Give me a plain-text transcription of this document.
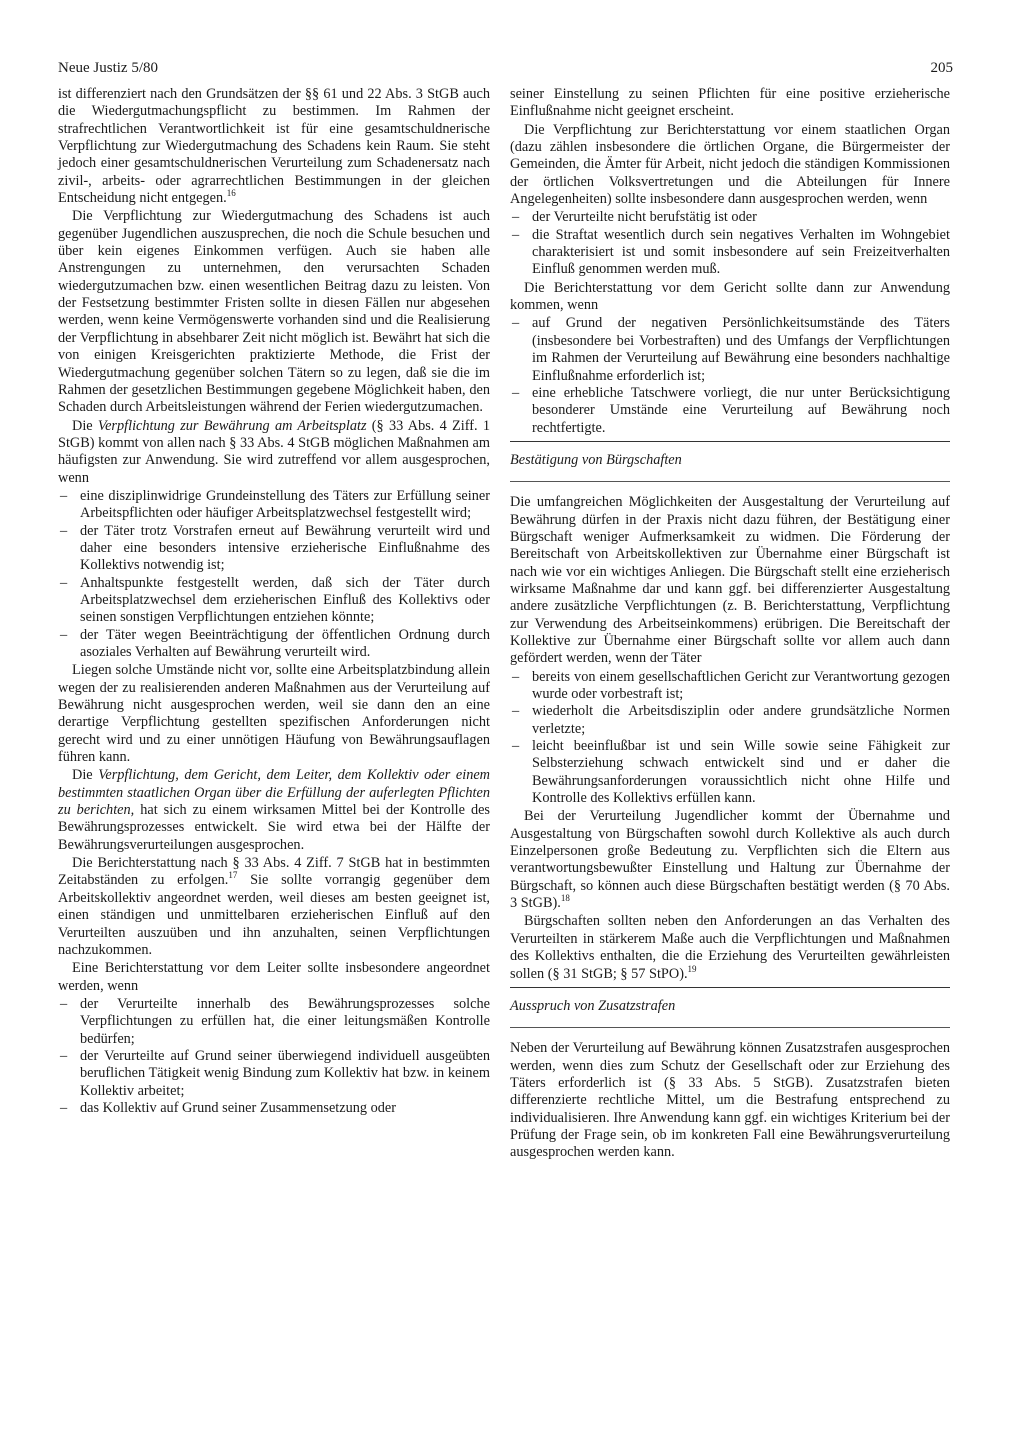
Neue Justiz 5/80	205

ist differenziert nach den Grundsätzen der §§ 61 und 22 Abs. 3 StGB auch die Wiedergutmachungspflicht zu bestimmen. Im Rahmen der strafrechtlichen Verantwortlichkeit ist für eine gesamtschuldnerische Verpflichtung zur Wiedergutmachung des Schadens kein Raum. Sie steht jedoch einer gesamtschuldnerischen Verurteilung zum Schadenersatz nach zivil-, arbeits- oder agrarrechtlichen Bestimmungen in der gleichen Entscheidung nicht entgegen.$^{16}$

Die Verpflichtung zur Wiedergutmachung des Schadens ist auch gegenüber Jugendlichen auszusprechen, die noch die Schule besuchen und über kein eigenes Einkommen verfügen. Auch sie haben alle Anstrengungen zu unternehmen, den verursachten Schaden wiedergutzumachen bzw. einen wesentlichen Beitrag dazu zu leisten. Von der Festsetzung bestimmter Fristen sollte in diesen Fällen nur abgesehen werden, wenn keine Vermögenswerte vorhanden sind und die Realisierung der Verpflichtung in absehbarer Zeit nicht möglich ist. Bewährt hat sich die von einigen Kreisgerichten praktizierte Methode, die Frist der Wiedergutmachung gegenüber solchen Tätern so zu legen, daß sie die im Rahmen der gesetzlichen Bestimmungen gegebene Möglichkeit haben, den Schaden durch Arbeitsleistungen während der Ferien wiedergutzumachen.

Die Verpflichtung zur Bewährung am Arbeitsplatz (§ 33 Abs. 4 Ziff. 1 StGB) kommt von allen nach § 33 Abs. 4 StGB möglichen Maßnahmen am häufigsten zur Anwendung. Sie wird zutreffend vor allem ausgesprochen, wenn

– eine disziplinwidrige Grundeinstellung des Täters zur Erfüllung seiner Arbeitspflichten oder häufiger Arbeitsplatzwechsel festgestellt wird;
– der Täter trotz Vorstrafen erneut auf Bewährung verurteilt wird und daher eine besonders intensive erzieherische Einflußnahme des Kollektivs notwendig ist;
– Anhaltspunkte festgestellt werden, daß sich der Täter durch Arbeitsplatzwechsel dem erzieherischen Einfluß des Kollektivs oder seinen sonstigen Verpflichtungen entziehen könnte;
– der Täter wegen Beeinträchtigung der öffentlichen Ordnung durch asoziales Verhalten auf Bewährung verurteilt wird.

Liegen solche Umstände nicht vor, sollte eine Arbeitsplatzbindung allein wegen der zu realisierenden anderen Maßnahmen aus der Verurteilung auf Bewährung nicht ausgesprochen werden, weil sie dann den an eine derartige Verpflichtung gestellten spezifischen Anforderungen nicht gerecht wird und zu einer unnötigen Häufung von Bewährungsauflagen führen kann.

Die Verpflichtung, dem Gericht, dem Leiter, dem Kollektiv oder einem bestimmten staatlichen Organ über die Erfüllung der auferlegten Pflichten zu berichten, hat sich zu einem wirksamen Mittel bei der Kontrolle des Bewährungsprozesses entwickelt. Sie wird etwa bei der Hälfte der Bewährungsverurteilungen ausgesprochen.

Die Berichterstattung nach § 33 Abs. 4 Ziff. 7 StGB hat in bestimmten Zeitabständen zu erfolgen.$^{17}$ Sie sollte vorrangig gegenüber dem Arbeitskollektiv angeordnet werden, weil dieses am besten geeignet ist, einen ständigen und unmittelbaren erzieherischen Einfluß auf den Verurteilten auszuüben und ihn anzuhalten, seinen Verpflichtungen nachzukommen.

Eine Berichterstattung vor dem Leiter sollte insbesondere angeordnet werden, wenn

– der Verurteilte innerhalb des Bewährungsprozesses solche Verpflichtungen zu erfüllen hat, die einer leitungsmäßen Kontrolle bedürfen;
– der Verurteilte auf Grund seiner überwiegend individuell ausgeübten beruflichen Tätigkeit wenig Bindung zum Kollektiv hat bzw. in keinem Kollektiv arbeitet;
– das Kollektiv auf Grund seiner Zusammensetzung oder

seiner Einstellung zu seinen Pflichten für eine positive erzieherische Einflußnahme nicht geeignet erscheint.

Die Verpflichtung zur Berichterstattung vor einem staatlichen Organ (dazu zählen insbesondere die örtlichen Organe, die Bürgermeister der Gemeinden, die Ämter für Arbeit, nicht jedoch die ständigen Kommissionen der örtlichen Volksvertretungen und die Abteilungen für Innere Angelegenheiten) sollte insbesondere dann ausgesprochen werden, wenn

– der Verurteilte nicht berufstätig ist oder
– die Straftat wesentlich durch sein negatives Verhalten im Wohngebiet charakterisiert ist und somit insbesondere auf sein Freizeitverhalten Einfluß genommen werden muß.

Die Berichterstattung vor dem Gericht sollte dann zur Anwendung kommen, wenn

– auf Grund der negativen Persönlichkeitsumstände des Täters (insbesondere bei Vorbestraften) und des Umfangs der Verpflichtungen im Rahmen der Verurteilung auf Bewährung eine besonders nachhaltige Einflußnahme erforderlich ist;
– eine erhebliche Tatschwere vorliegt, die nur unter Berücksichtigung besonderer Umstände eine Verurteilung auf Bewährung noch rechtfertigte.
Bestätigung von Bürgschaften

Die umfangreichen Möglichkeiten der Ausgestaltung der Verurteilung auf Bewährung dürfen in der Praxis nicht dazu führen, der Bestätigung einer Bürgschaft weniger Aufmerksamkeit zu widmen. Die Förderung der Bereitschaft von Arbeitskollektiven zur Übernahme einer Bürgschaft ist nach wie vor ein wichtiges Anliegen. Die Bürgschaft stellt eine erzieherisch wirksame Maßnahme dar und kann ggf. bei differenzierter Ausgestaltung andere zusätzliche Verpflichtungen (z. B. Berichterstattung, Verpflichtung zur Verwendung des Arbeitseinkommens) erübrigen. Die Bereitschaft der Kollektive zur Übernahme einer Bürgschaft sollte vor allem auch dann gefördert werden, wenn der Täter

– bereits von einem gesellschaftlichen Gericht zur Verantwortung gezogen wurde oder vorbestraft ist;
– wiederholt die Arbeitsdisziplin oder andere grundsätzliche Normen verletzte;
– leicht beeinflußbar ist und sein Wille sowie seine Fähigkeit zur Selbsterziehung schwach entwickelt sind und er daher die Bewährungsanforderungen voraussichtlich nicht ohne Hilfe und Kontrolle des Kollektivs erfüllen kann.

Bei der Verurteilung Jugendlicher kommt der Übernahme und Ausgestaltung von Bürgschaften sowohl durch Kollektive als auch durch Einzelpersonen große Bedeutung zu. Verpflichten sich die Eltern aus verantwortungsbewußter Einstellung und Haltung zur Übernahme der Bürgschaft, so können auch diese Bürgschaften bestätigt werden (§ 70 Abs. 3 StGB).$^{18}$

Bürgschaften sollten neben den Anforderungen an das Verhalten des Verurteilten in stärkerem Maße auch die Verpflichtungen und Maßnahmen des Kollektivs enthalten, die die Erziehung des Verurteilten gewährleisten sollen (§ 31 StGB; § 57 StPO).$^{19}$

Ausspruch von Zusatzstrafen

Neben der Verurteilung auf Bewährung können Zusatzstrafen ausgesprochen werden, wenn dies zum Schutz der Gesellschaft oder zur Erziehung des Täters erforderlich ist (§ 33 Abs. 5 StGB). Zusatzstrafen bieten differenzierte rechtliche Mittel, um die Bestrafung entsprechend zu individualisieren. Ihre Anwendung kann ggf. ein wichtiges Kriterium bei der Prüfung der Frage sein, ob im konkreten Fall eine Bewährungsverurteilung ausgesprochen werden kann.
